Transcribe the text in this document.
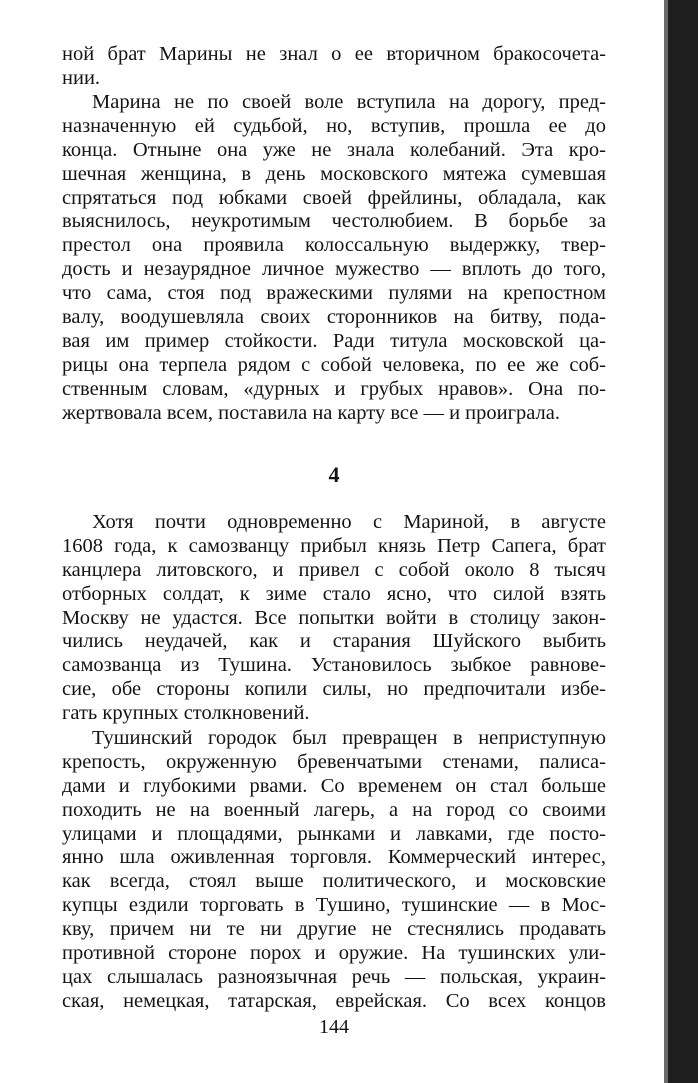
ной брат Марины не знал о ее вторичном бракосочета-
нии.
Марина не по своей воле вступила на дорогу, пред-
назначенную ей судьбой, но, вступив, прошла ее до
конца. Отныне она уже не знала колебаний. Эта кро-
шечная женщина, в день московского мятежа сумевшая
спрятаться под юбками своей фрейлины, обладала, как
выяснилось, неукротимым честолюбием. В борьбе за
престол она проявила колоссальную выдержку, твер-
дость и незаурядное личное мужество — вплоть до того,
что сама, стоя под вражескими пулями на крепостном
валу, воодушевляла своих сторонников на битву, пода-
вая им пример стойкости. Ради титула московской ца-
рицы она терпела рядом с собой человека, по ее же соб-
ственным словам, «дурных и грубых нравов». Она по-
жертвовала всем, поставила на карту все — и проиграла.
4
Хотя почти одновременно с Мариной, в августе
1608 года, к самозванцу прибыл князь Петр Сапега, брат
канцлера литовского, и привел с собой около 8 тысяч
отборных солдат, к зиме стало ясно, что силой взять
Москву не удастся. Все попытки войти в столицу закон-
чились неудачей, как и старания Шуйского выбить
самозванца из Тушина. Установилось зыбкое равнове-
сие, обе стороны копили силы, но предпочитали избе-
гать крупных столкновений.
Тушинский городок был превращен в неприступную
крепость, окруженную бревенчатыми стенами, палиса-
дами и глубокими рвами. Со временем он стал больше
походить не на военный лагерь, а на город со своими
улицами и площадями, рынками и лавками, где посто-
янно шла оживленная торговля. Коммерческий интерес,
как всегда, стоял выше политического, и московские
купцы ездили торговать в Тушино, тушинские — в Мос-
кву, причем ни те ни другие не стеснялись продавать
противной стороне порох и оружие. На тушинских ули-
цах слышалась разноязычная речь — польская, украин-
ская, немецкая, татарская, еврейская. Со всех концов
144
